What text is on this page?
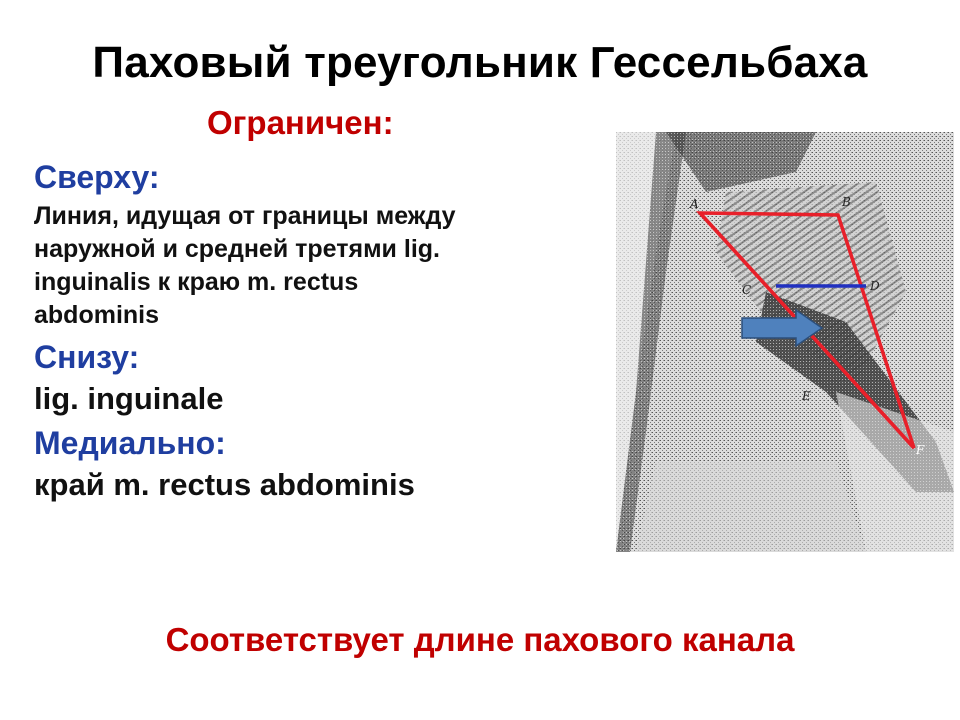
Паховый треугольник Гессельбаха
Ограничен:
Сверху:
Линия, идущая от границы между
наружной и средней третями lig.
inguinalis к краю m. rectus
abdominis
Снизу:
lig. inguinale
Медиально:
край m. rectus abdominis
A	B
C	D
E
F
Соответствует длине пахового канала
